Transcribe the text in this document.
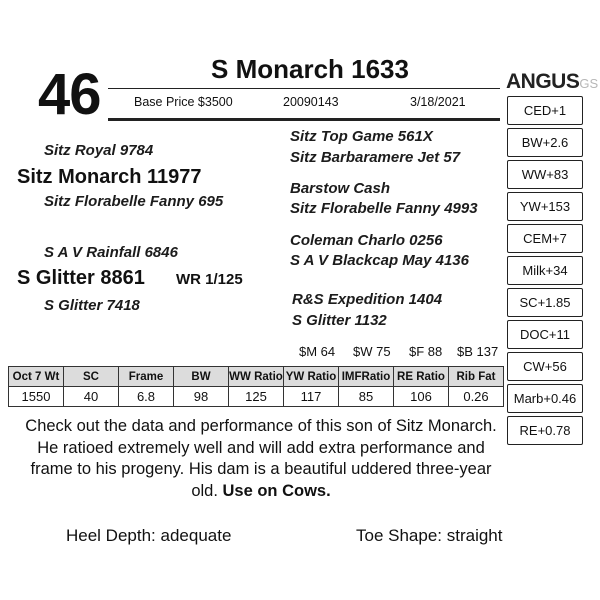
46	S Monarch 1633
Base Price $3500	20090143	3/18/2021
ANGUSGS
CED+1
BW+2.6
WW+83
YW+153
CEM+7
Milk+34
SC+1.85
DOC+11
CW+56
Marb+0.46
RE+0.78
Sitz Royal 9784
Sitz Monarch 11977
Sitz Florabelle Fanny 695
Sitz Top Game 561X
Sitz Barbaramere Jet 57
Barstow Cash
Sitz Florabelle Fanny 4993
S A V Rainfall 6846
S Glitter 8861 WR 1/125
S Glitter 7418
Coleman Charlo 0256
S A V Blackcap May 4136
R&S Expedition 1404
S Glitter 1132
$M 64 $W 75 $F 88 $B 137
Oct 7 Wt	SC	Frame	BW	WW Ratio	YW Ratio	IMFRatio	RE Ratio	Rib Fat
1550	40	6.8	98	125	117	85	106	0.26
Check out the data and performance of this son of Sitz Monarch. He ratioed extremely well and will add extra performance and frame to his progeny. His dam is a beautiful uddered three-year old. Use on Cows.
Heel Depth: adequate	Toe Shape: straight
